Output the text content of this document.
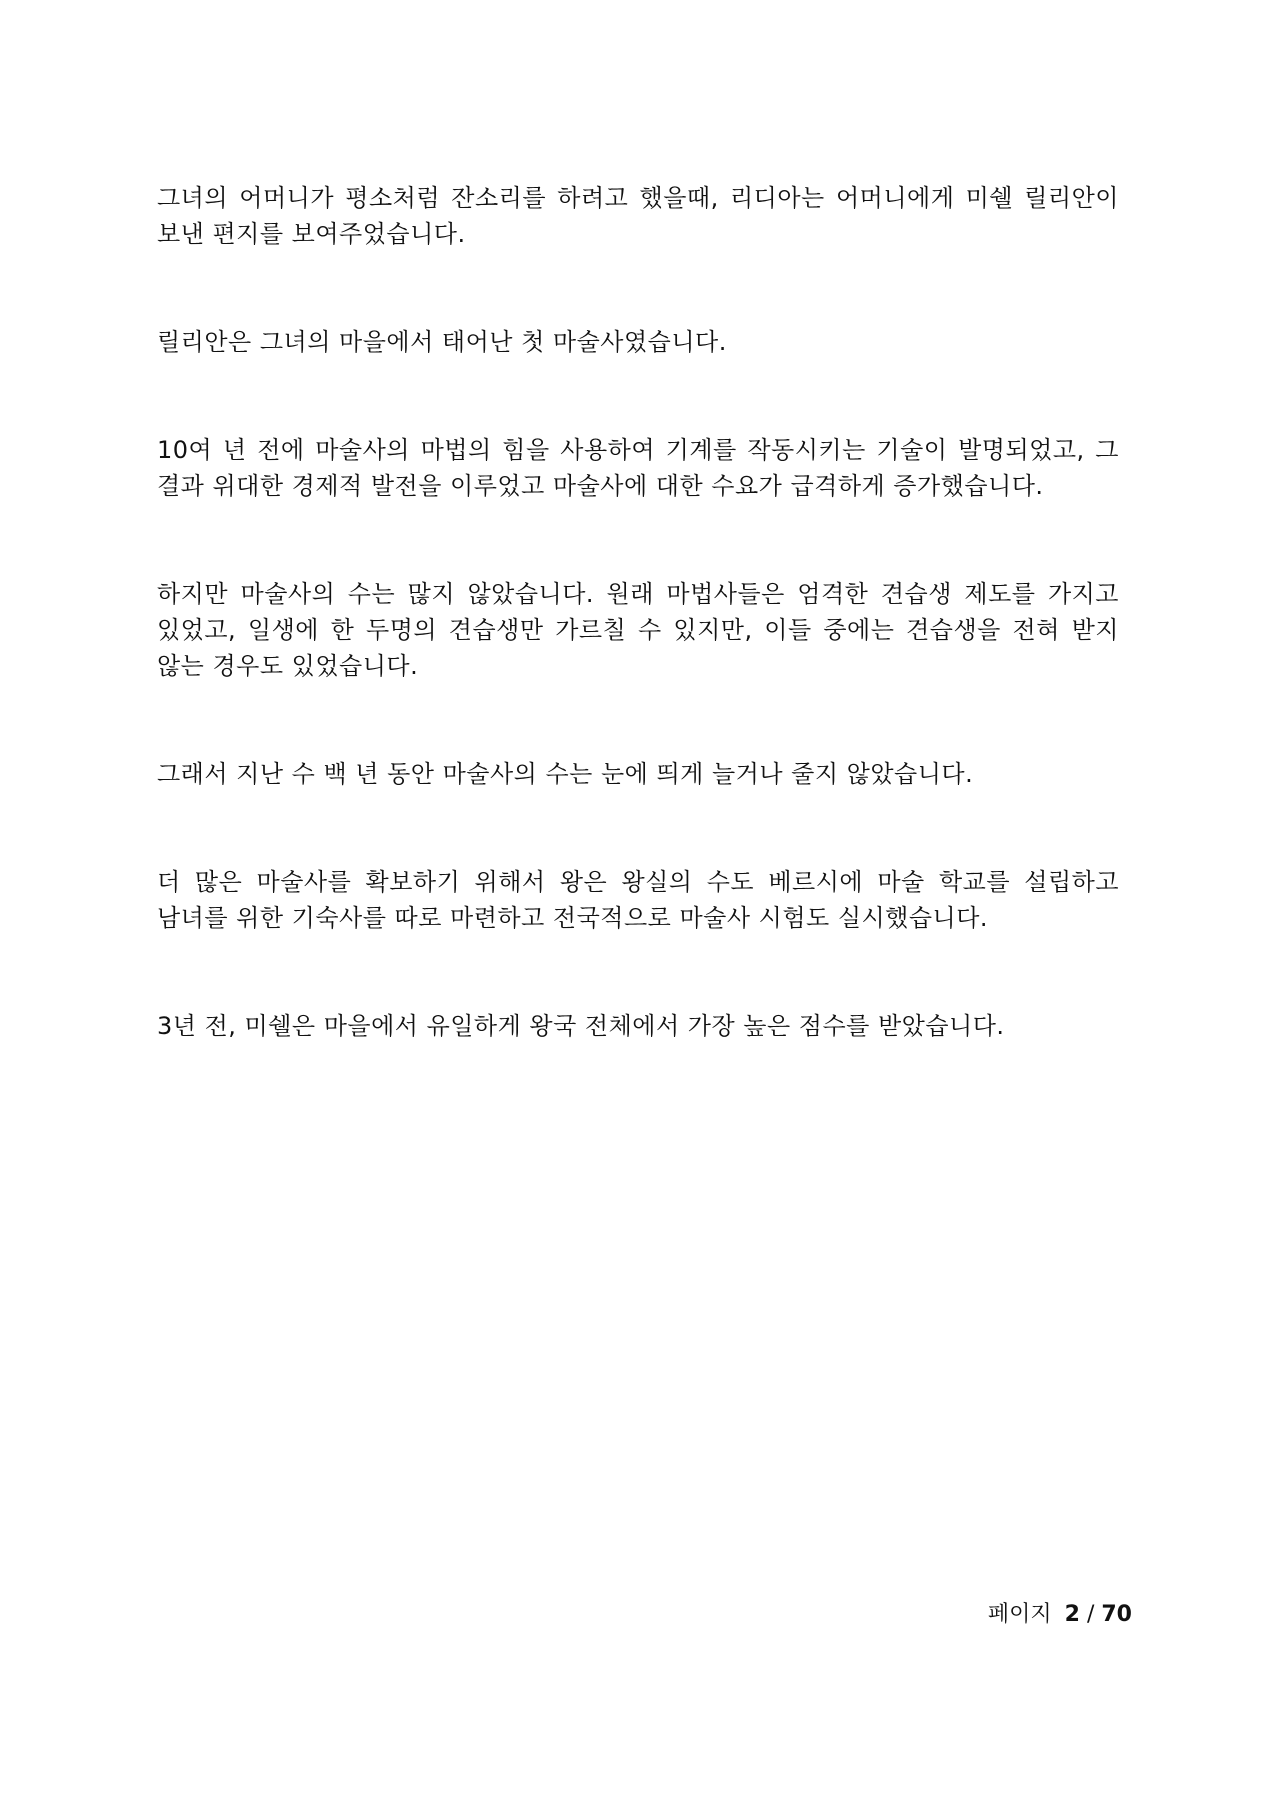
그녀의 어머니가 평소처럼 잔소리를 하려고 했을때, 리디아는 어머니에게 미쉘 릴리안이 보낸 편지를 보여주었습니다.

릴리안은 그녀의 마을에서 태어난 첫 마술사였습니다.

10여 년 전에 마술사의 마법의 힘을 사용하여 기계를 작동시키는 기술이 발명되었고, 그 결과 위대한 경제적 발전을 이루었고 마술사에 대한 수요가 급격하게 증가했습니다.

하지만 마술사의 수는 많지 않았습니다. 원래 마법사들은 엄격한 견습생 제도를 가지고 있었고, 일생에 한 두명의 견습생만 가르칠 수 있지만, 이들 중에는 견습생을 전혀 받지 않는 경우도 있었습니다.

그래서 지난 수 백 년 동안 마술사의 수는 눈에 띄게 늘거나 줄지 않았습니다.

더 많은 마술사를 확보하기 위해서 왕은 왕실의 수도 베르시에 마술 학교를 설립하고 남녀를 위한 기숙사를 따로 마련하고 전국적으로 마술사 시험도 실시했습니다.

3년 전, 미쉘은 마을에서 유일하게 왕국 전체에서 가장 높은 점수를 받았습니다.

페이지 2 / 70
